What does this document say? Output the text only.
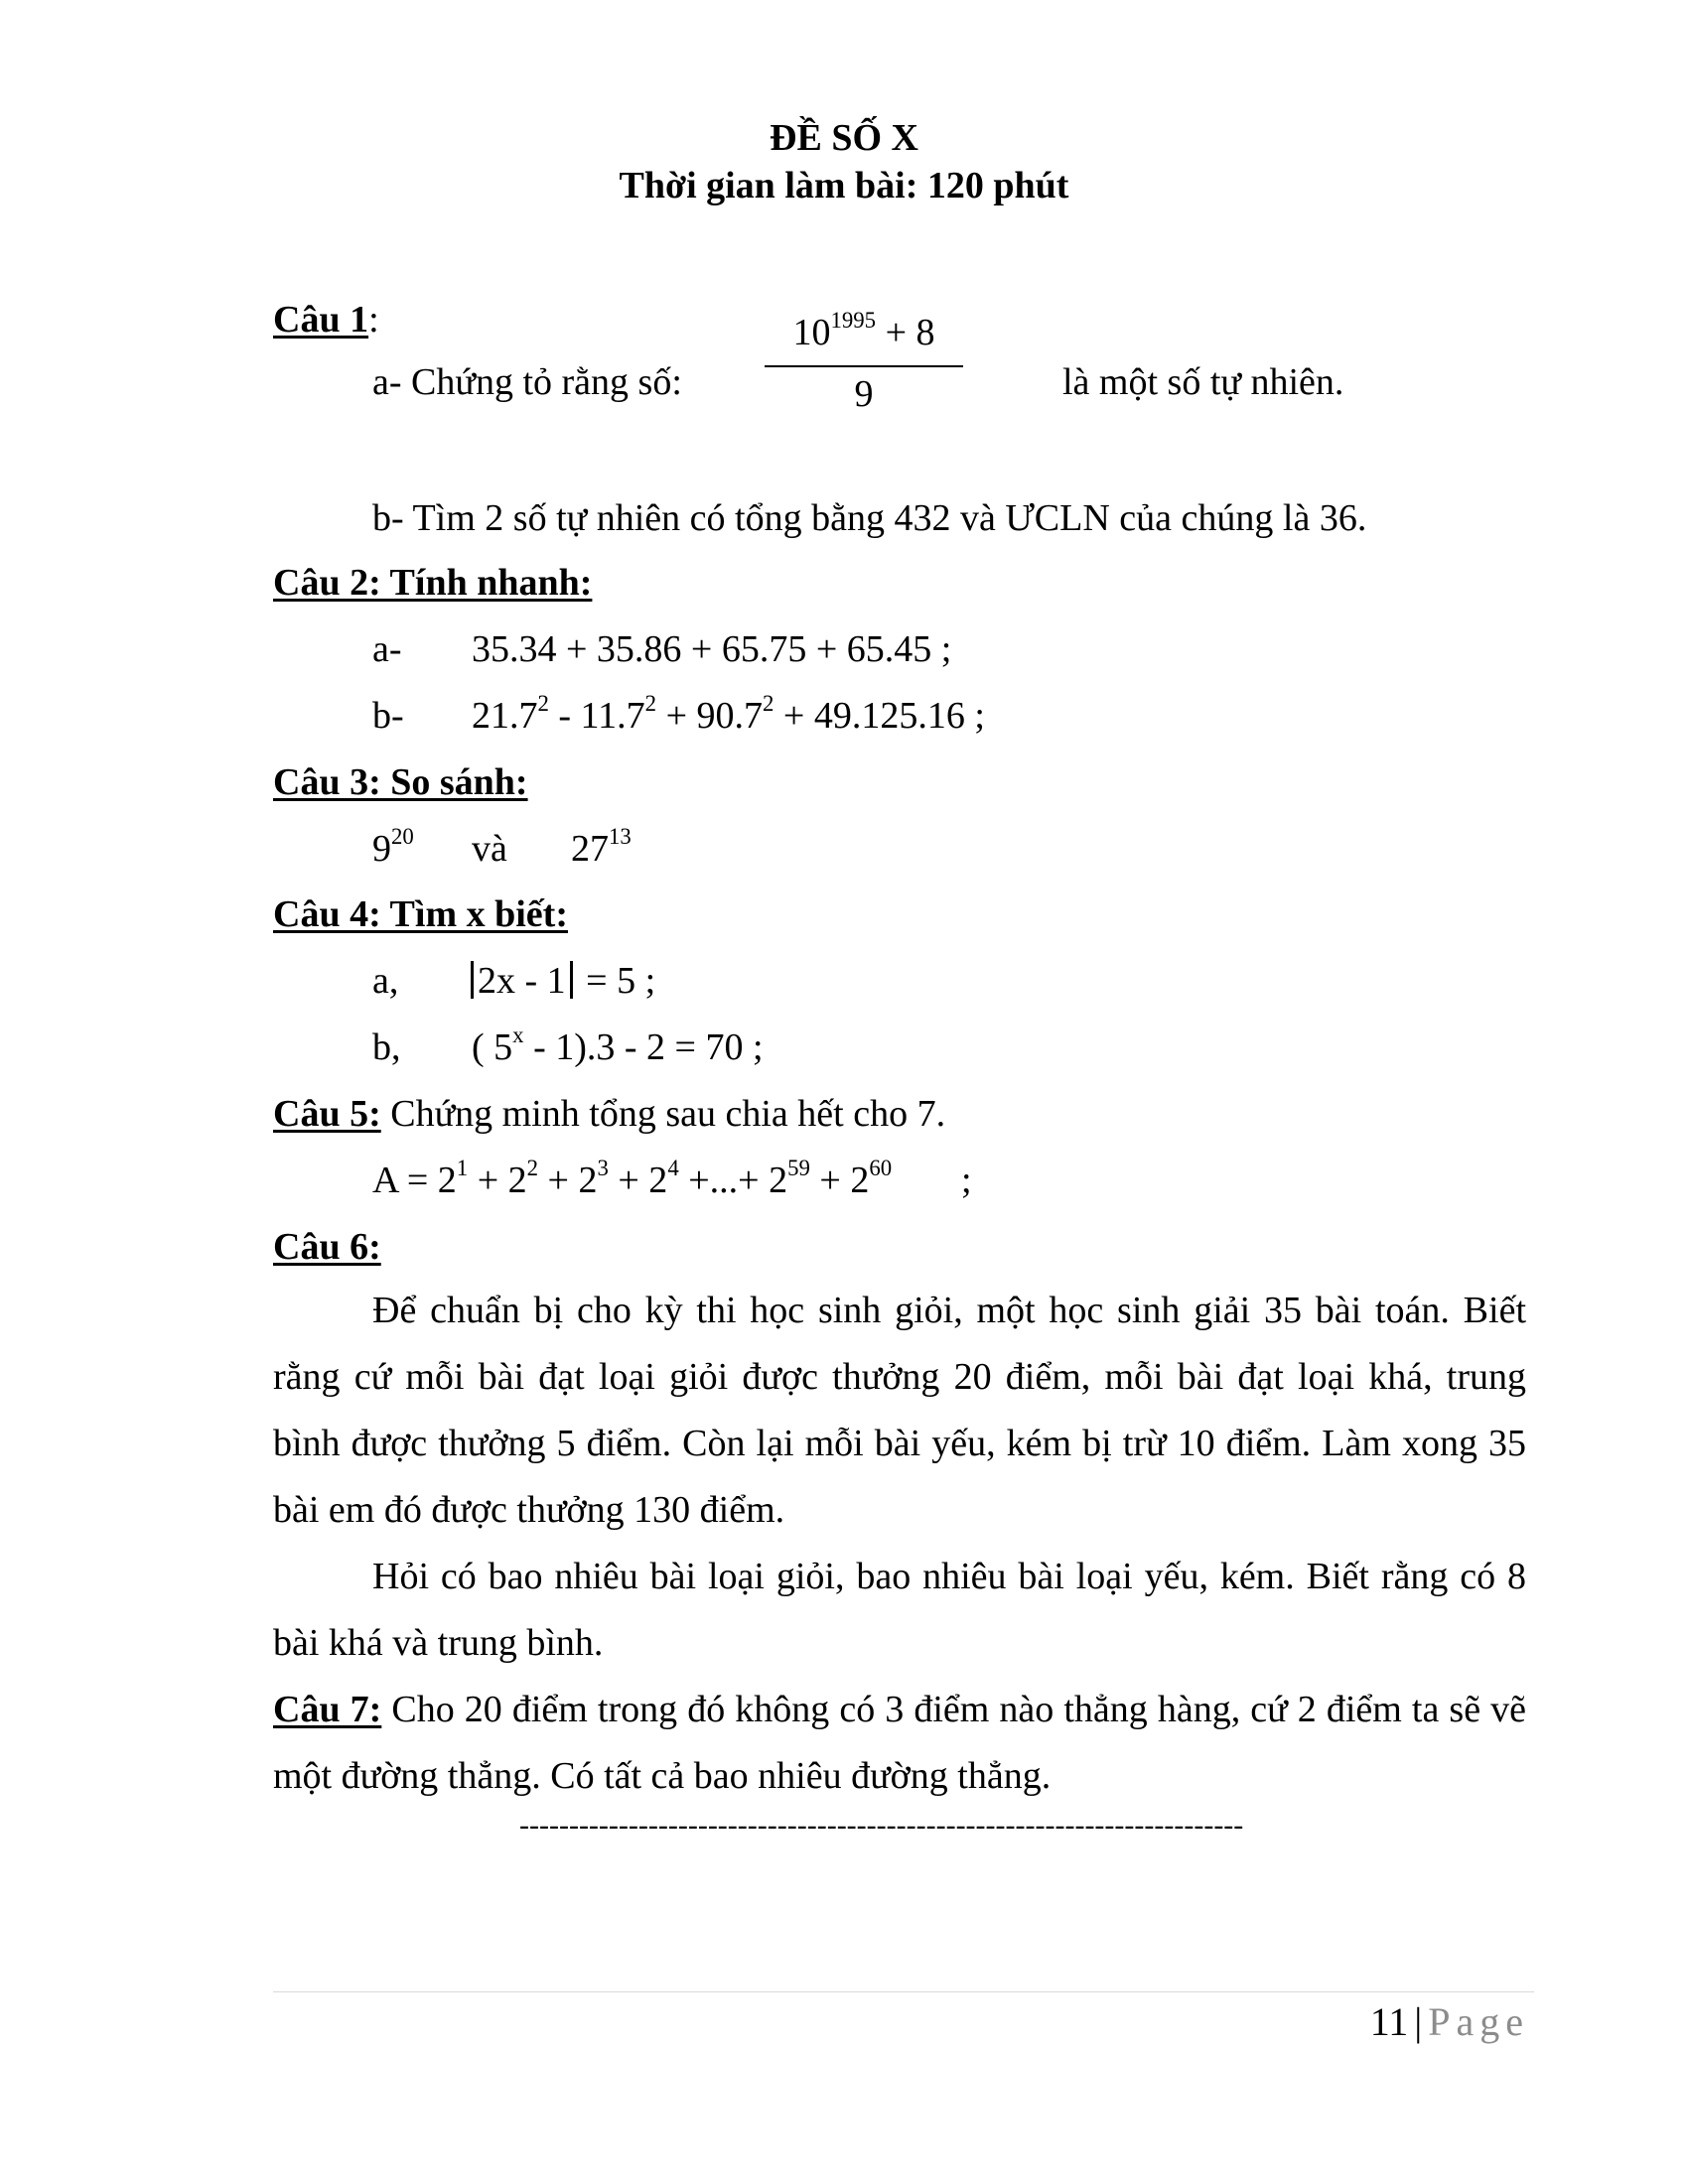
ĐỀ SỐ X
Thời gian làm bài: 120 phút
Câu 1:
a- Chứng tỏ rằng số:
$10^{1995} + 8$
9	là một số tự nhiên.
b- Tìm 2 số tự nhiên có tổng bằng 432 và ƯCLN của chúng là 36.
Câu 2: Tính nhanh:
a- 35.34 + 35.86 + 65.75 + 65.45 ;
b- $21.7^2 - 11.7^2 + 90.7^2 + 49.125.16$ ;
Câu 3: So sánh:
$9^{20}$ và $27^{13}$
Câu 4: Tìm x biết:
a, 2x - 1 = 5 ;
b, ( 5$^x$ - 1).3 - 2 = 70 ;
Câu 5: Chứng minh tổng sau chia hết cho 7.
$A = 2^1 + 2^2 + 2^3 + 2^4$ +...+ $2^{59} + 2^{60}$ ;
Câu 6:
Để chuẩn bị cho kỳ thi học sinh giỏi, một học sinh giải 35 bài toán. Biết rằng cứ mỗi bài đạt loại giỏi được thưởng 20 điểm, mỗi bài đạt loại khá, trung bình được thưởng 5 điểm. Còn lại mỗi bài yếu, kém bị trừ 10 điểm. Làm xong 35 bài em đó được thưởng 130 điểm.
Hỏi có bao nhiêu bài loại giỏi, bao nhiêu bài loại yếu, kém. Biết rằng có 8 bài khá và trung bình.
Câu 7: Cho 20 điểm trong đó không có 3 điểm nào thẳng hàng, cứ 2 điểm ta sẽ vẽ một đường thẳng. Có tất cả bao nhiêu đường thẳng.
-------------------------------------------------------------------------
11 | Page
